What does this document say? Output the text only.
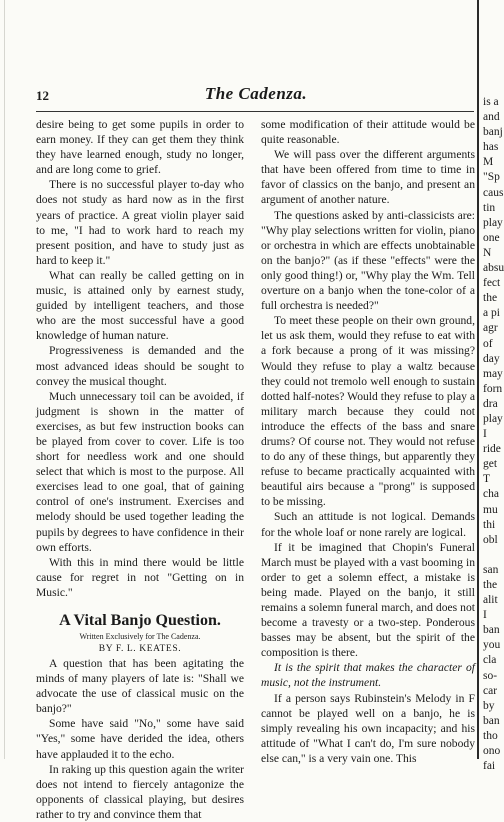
12	The Cadenza.

desire being to get some pupils in order to earn money. If they can get them they think they have learned enough, study no longer, and are long come to grief.

There is no successful player to-day who does not study as hard now as in the first years of practice. A great violin player said to me, "I had to work hard to reach my present position, and have to study just as hard to keep it."

What can really be called getting on in music, is attained only by earnest study, guided by intelligent teachers, and those who are the most successful have a good knowledge of human nature.

Progressiveness is demanded and the most advanced ideas should be sought to convey the musical thought.

Much unnecessary toil can be avoided, if judgment is shown in the matter of exercises, as but few instruction books can be played from cover to cover. Life is too short for needless work and one should select that which is most to the purpose. All exercises lead to one goal, that of gaining control of one's instrument. Exercises and melody should be used together leading the pupils by degrees to have confidence in their own efforts.

With this in mind there would be little cause for regret in not "Getting on in Music."

A Vital Banjo Question.
Written Exclusively for The Cadenza.
BY F. L. KEATES.

A question that has been agitating the minds of many players of late is: "Shall we advocate the use of classical music on the banjo?"

Some have said "No," some have said "Yes," some have derided the idea, others have applauded it to the echo.

In raking up this question again the writer does not intend to fiercely antagonize the opponents of classical playing, but desires rather to try and convince them that

some modification of their attitude would be quite reasonable.

We will pass over the different arguments that have been offered from time to time in favor of classics on the banjo, and present an argument of another nature.

The questions asked by anti-classicists are: "Why play selections written for violin, piano or orchestra in which are effects unobtainable on the banjo?" (as if these "effects" were the only good thing!) or, "Why play the Wm. Tell overture on a banjo when the tone-color of a full orchestra is needed?"

To meet these people on their own ground, let us ask them, would they refuse to eat with a fork because a prong of it was missing? Would they refuse to play a waltz because they could not tremolo well enough to sustain dotted half-notes? Would they refuse to play a military march because they could not introduce the effects of the bass and snare drums? Of course not. They would not refuse to do any of these things, but apparently they refuse to became practically acquainted with beautiful airs because a "prong" is supposed to be missing.

Such an attitude is not logical. Demands for the whole loaf or none rarely are logical.

If it be imagined that Chopin's Funeral March must be played with a vast booming in order to get a solemn effect, a mistake is being made. Played on the banjo, it still remains a solemn funeral march, and does not become a travesty or a two-step. Ponderous basses may be absent, but the spirit of the composition is there.

It is the spirit that makes the character of music, not the instrument.

If a person says Rubinstein's Melody in F cannot be played well on a banjo, he is simply revealing his own incapacity; and his attitude of "What I can't do, I'm sure nobody else can," is a very vain one. This

is a
and
banj
has
M
"Sp
caus
tin
play
one
N
absu
fect
the
a pi
agr
of
day
may
forn
dra
play
I
ride
get
T
cha
mu
thi
obl

san
the
alit
I
ban
you
cla
so-
car
by
ban
tho
ono
fai
